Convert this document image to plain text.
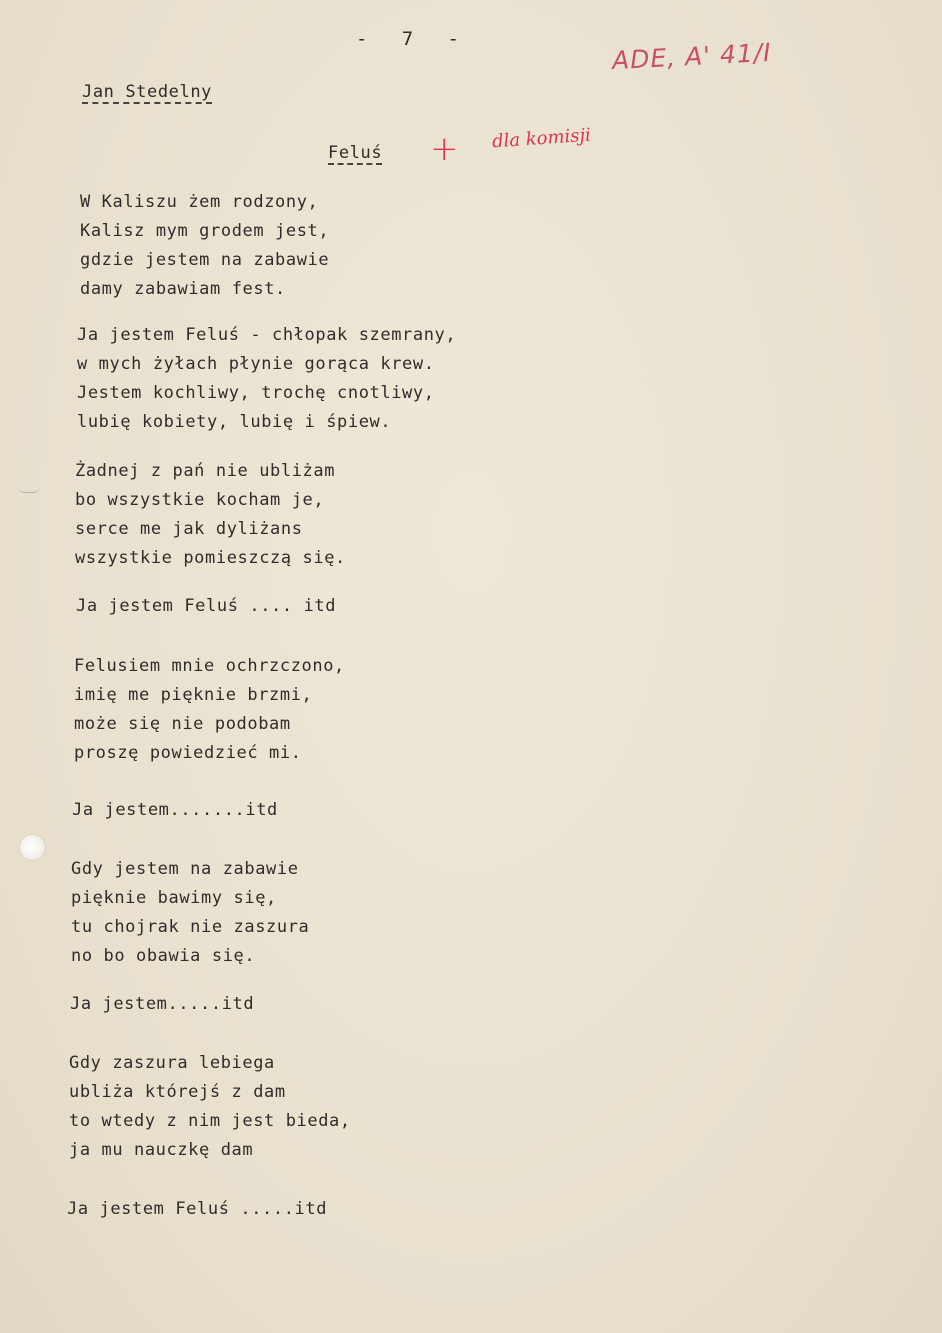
-   7   -	ADE, A' 41/I
Jan Stedelny
Feluś + dla komisji
W Kaliszu żem rodzony,
Kalisz mym grodem jest,
gdzie jestem na zabawie
damy zabawiam fest.
Ja jestem Feluś - chłopak szemrany,
w mych żyłach płynie gorąca krew.
Jestem kochliwy, trochę cnotliwy,
lubię kobiety, lubię i śpiew.
Żadnej z pań nie ubliżam
bo wszystkie kocham je,
serce me jak dyliżans
wszystkie pomieszczą się.
Ja jestem Feluś .... itd
Felusiem mnie ochrzczono,
imię me pięknie brzmi,
może się nie podobam
proszę powiedzieć mi.
Ja jestem.......itd
Gdy jestem na zabawie
pięknie bawimy się,
tu chojrak nie zaszura
no bo obawia się.
Ja jestem.....itd
Gdy zaszura lebiega
ubliża którejś z dam
to wtedy z nim jest bieda,
ja mu nauczkę dam
Ja jestem Feluś .....itd
